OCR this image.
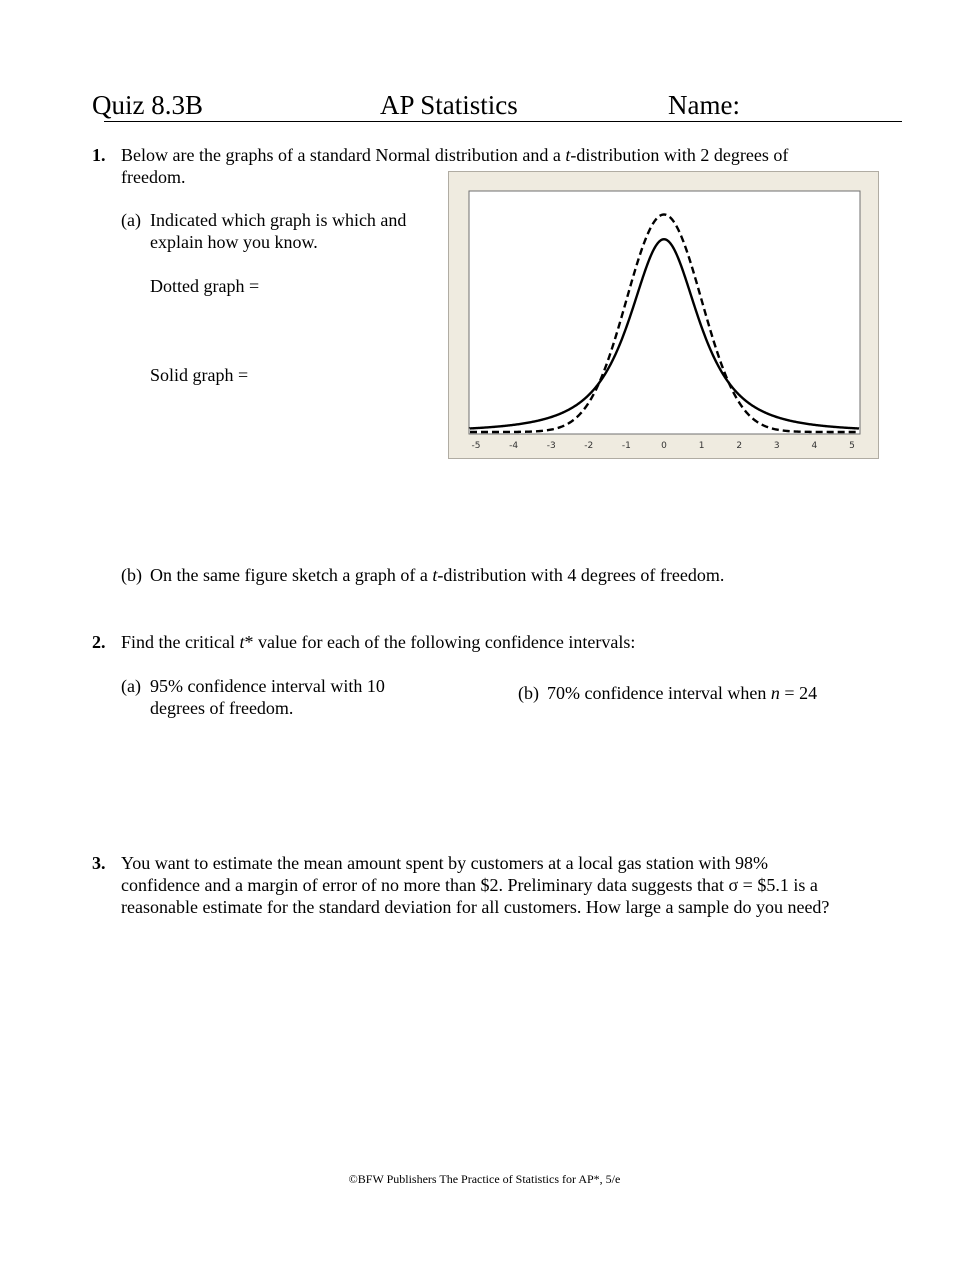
Quiz 8.3B	AP Statistics	Name:
1. Below are the graphs of a standard Normal distribution and a t-distribution with 2 degrees of
freedom.
(a) Indicated which graph is which and
explain how you know.
Dotted graph =
Solid graph =
-5	-4	-3	-2	-1	0	1	2	3	4	5
(b) On the same figure sketch a graph of a t-distribution with 4 degrees of freedom.
2. Find the critical t* value for each of the following confidence intervals:
(a) 95% confidence interval with 10
degrees of freedom.
(b) 70% confidence interval when n = 24
3. You want to estimate the mean amount spent by customers at a local gas station with 98%
confidence and a margin of error of no more than $2. Preliminary data suggests that σ = $5.1 is a
reasonable estimate for the standard deviation for all customers. How large a sample do you need?
©BFW Publishers The Practice of Statistics for AP*, 5/e
